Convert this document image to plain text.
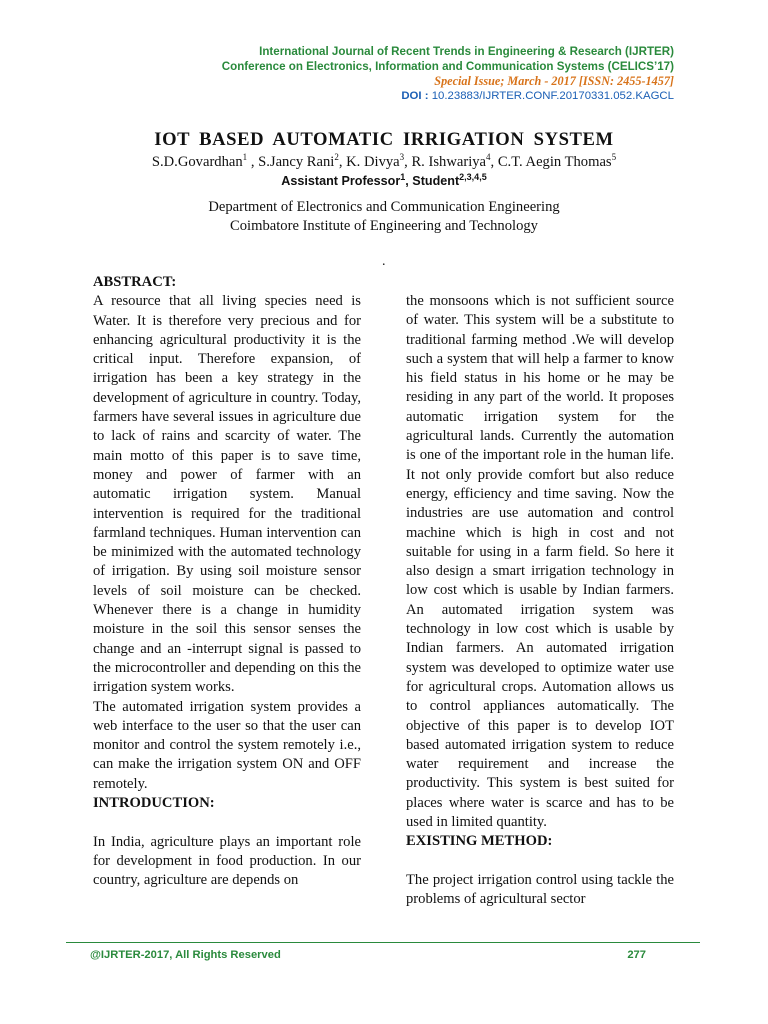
International Journal of Recent Trends in Engineering & Research (IJRTER)
Conference on Electronics, Information and Communication Systems (CELICS’17)
Special Issue; March - 2017 [ISSN: 2455-1457]
DOI : 10.23883/IJRTER.CONF.20170331.052.KAGCL
IOT BASED AUTOMATIC IRRIGATION SYSTEM
S.D.Govardhan$^1$ , S.Jancy Rani$^2$, K. Divya$^3$, R. Ishwariya$^4$, C.T. Aegin Thomas$^5$
Assistant Professor$^1$, Student$^{2,3,4,5}$
Department of Electronics and Communication Engineering
Coimbatore Institute of Engineering and Technology
.

ABSTRACT:

A resource that all living species need is Water. It is therefore very precious and for enhancing agricultural productivity it is the critical input. Therefore expansion, of irrigation has been a key strategy in the development of agriculture in country. Today, farmers have several issues in agriculture due to lack of rains and scarcity of water. The main motto of this paper is to save time, money and power of farmer with an automatic irrigation system. Manual intervention is required for the traditional farmland techniques. Human intervention can be minimized with the automated technology of irrigation. By using soil moisture sensor levels of soil moisture can be checked. Whenever there is a change in humidity moisture in the soil this sensor senses the change and an -interrupt signal is passed to the microcontroller and depending on this the irrigation system works.

The automated irrigation system provides a web interface to the user so that the user can monitor and control the system remotely i.e., can make the irrigation system ON and OFF remotely.

INTRODUCTION:

In India, agriculture plays an important role for development in food production. In our country, agriculture are depends on

the monsoons which is not sufficient source of water. This system will be a substitute to traditional farming method .We will develop such a system that will help a farmer to know his field status in his home or he may be residing in any part of the world. It proposes automatic irrigation system for the agricultural lands. Currently the automation is one of the important role in the human life. It not only provide comfort but also reduce energy, efficiency and time saving. Now the industries are use automation and control machine which is high in cost and not suitable for using in a farm field. So here it also design a smart irrigation technology in low cost which is usable by Indian farmers. An automated irrigation system was technology in low cost which is usable by Indian farmers. An automated irrigation system was developed to optimize water use for agricultural crops. Automation allows us to control appliances automatically. The objective of this paper is to develop IOT based automated irrigation system to reduce water requirement and increase the productivity. This system is best suited for places where water is scarce and has to be used in limited quantity.

EXISTING METHOD:

The project irrigation control using tackle the problems of agricultural sector

@IJRTER-2017, All Rights Reserved	277
